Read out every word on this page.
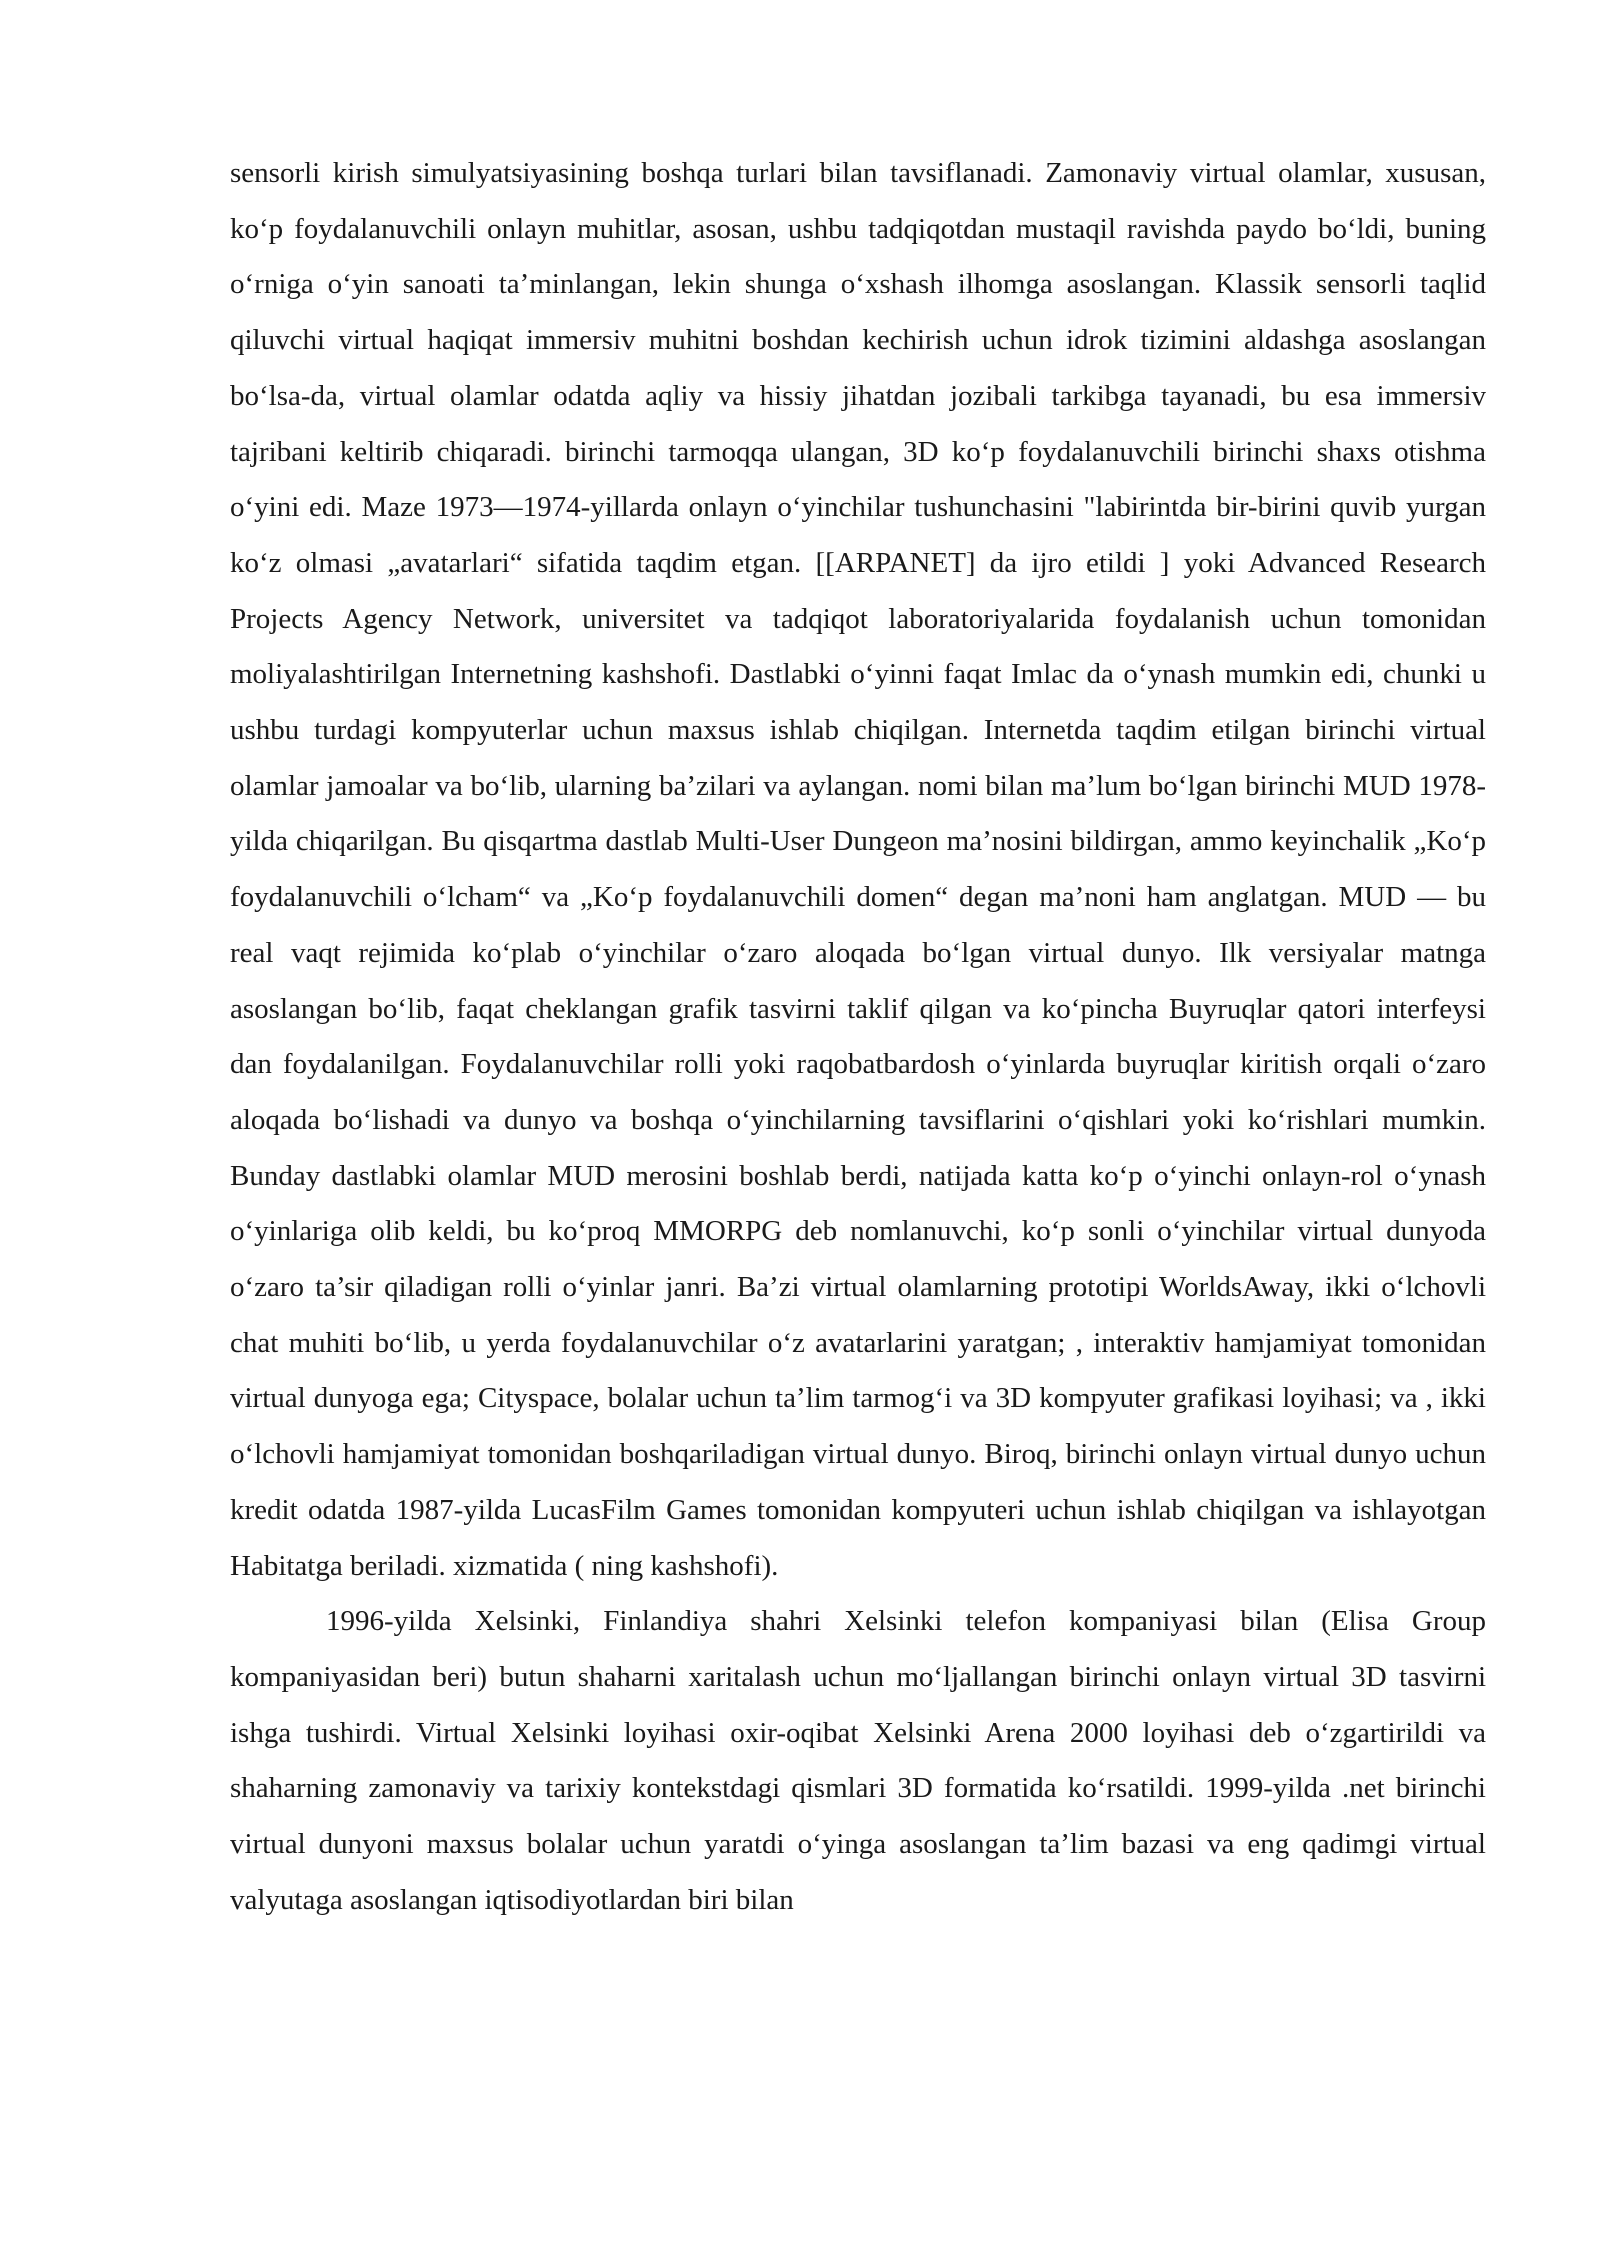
sensorli kirish simulyatsiyasining boshqa turlari bilan tavsiflanadi. Zamonaviy virtual olamlar, xususan, ko‘p foydalanuvchili onlayn muhitlar, asosan, ushbu tadqiqotdan mustaqil ravishda paydo bo‘ldi, buning o‘rniga o‘yin sanoati ta’minlangan, lekin shunga o‘xshash ilhomga asoslangan. Klassik sensorli taqlid qiluvchi virtual haqiqat immersiv muhitni boshdan kechirish uchun idrok tizimini aldashga asoslangan bo‘lsa-da, virtual olamlar odatda aqliy va hissiy jihatdan jozibali tarkibga tayanadi, bu esa immersiv tajribani keltirib chiqaradi. birinchi tarmoqqa ulangan, 3D ko‘p foydalanuvchili birinchi shaxs otishma o‘yini edi. Maze 1973—1974-yillarda onlayn o‘yinchilar tushunchasini "labirintda bir-birini quvib yurgan ko‘z olmasi „avatarlari“ sifatida taqdim etgan. [[ARPANET] da ijro etildi ] yoki Advanced Research Projects Agency Network, universitet va tadqiqot laboratoriyalarida foydalanish uchun tomonidan moliyalashtirilgan Internetning kashshofi. Dastlabki o‘yinni faqat Imlac da o‘ynash mumkin edi, chunki u ushbu turdagi kompyuterlar uchun maxsus ishlab chiqilgan. Internetda taqdim etilgan birinchi virtual olamlar jamoalar va bo‘lib, ularning ba’zilari va aylangan. nomi bilan ma’lum bo‘lgan birinchi MUD 1978-yilda chiqarilgan. Bu qisqartma dastlab Multi-User Dungeon ma’nosini bildirgan, ammo keyinchalik „Ko‘p foydalanuvchili o‘lcham“ va „Ko‘p foydalanuvchili domen“ degan ma’noni ham anglatgan. MUD — bu real vaqt rejimida ko‘plab o‘yinchilar o‘zaro aloqada bo‘lgan virtual dunyo. Ilk versiyalar matnga asoslangan bo‘lib, faqat cheklangan grafik tasvirni taklif qilgan va ko‘pincha Buyruqlar qatori interfeysi dan foydalanilgan. Foydalanuvchilar rolli yoki raqobatbardosh o‘yinlarda buyruqlar kiritish orqali o‘zaro aloqada bo‘lishadi va dunyo va boshqa o‘yinchilarning tavsiflarini o‘qishlari yoki ko‘rishlari mumkin. Bunday dastlabki olamlar MUD merosini boshlab berdi, natijada katta ko‘p o‘yinchi onlayn-rol o‘ynash o‘yinlariga olib keldi, bu ko‘proq MMORPG deb nomlanuvchi, ko‘p sonli o‘yinchilar virtual dunyoda o‘zaro ta’sir qiladigan rolli o‘yinlar janri. Ba’zi virtual olamlarning prototipi WorldsAway, ikki o‘lchovli chat muhiti bo‘lib, u yerda foydalanuvchilar o‘z avatarlarini yaratgan; , interaktiv hamjamiyat tomonidan virtual dunyoga ega; Cityspace, bolalar uchun ta’lim tarmog‘i va 3D kompyuter grafikasi loyihasi; va , ikki o‘lchovli hamjamiyat tomonidan boshqariladigan virtual dunyo. Biroq, birinchi onlayn virtual dunyo uchun kredit odatda 1987-yilda LucasFilm Games tomonidan kompyuteri uchun ishlab chiqilgan va ishlayotgan Habitatga beriladi. xizmatida ( ning kashshofi).

1996-yilda Xelsinki, Finlandiya shahri Xelsinki telefon kompaniyasi bilan (Elisa Group kompaniyasidan beri) butun shaharni xaritalash uchun mo‘ljallangan birinchi onlayn virtual 3D tasvirni ishga tushirdi. Virtual Xelsinki loyihasi oxir-oqibat Xelsinki Arena 2000 loyihasi deb o‘zgartirildi va shaharning zamonaviy va tarixiy kontekstdagi qismlari 3D formatida ko‘rsatildi. 1999-yilda .net birinchi virtual dunyoni maxsus bolalar uchun yaratdi o‘yinga asoslangan ta’lim bazasi va eng qadimgi virtual valyutaga asoslangan iqtisodiyotlardan biri bilan
